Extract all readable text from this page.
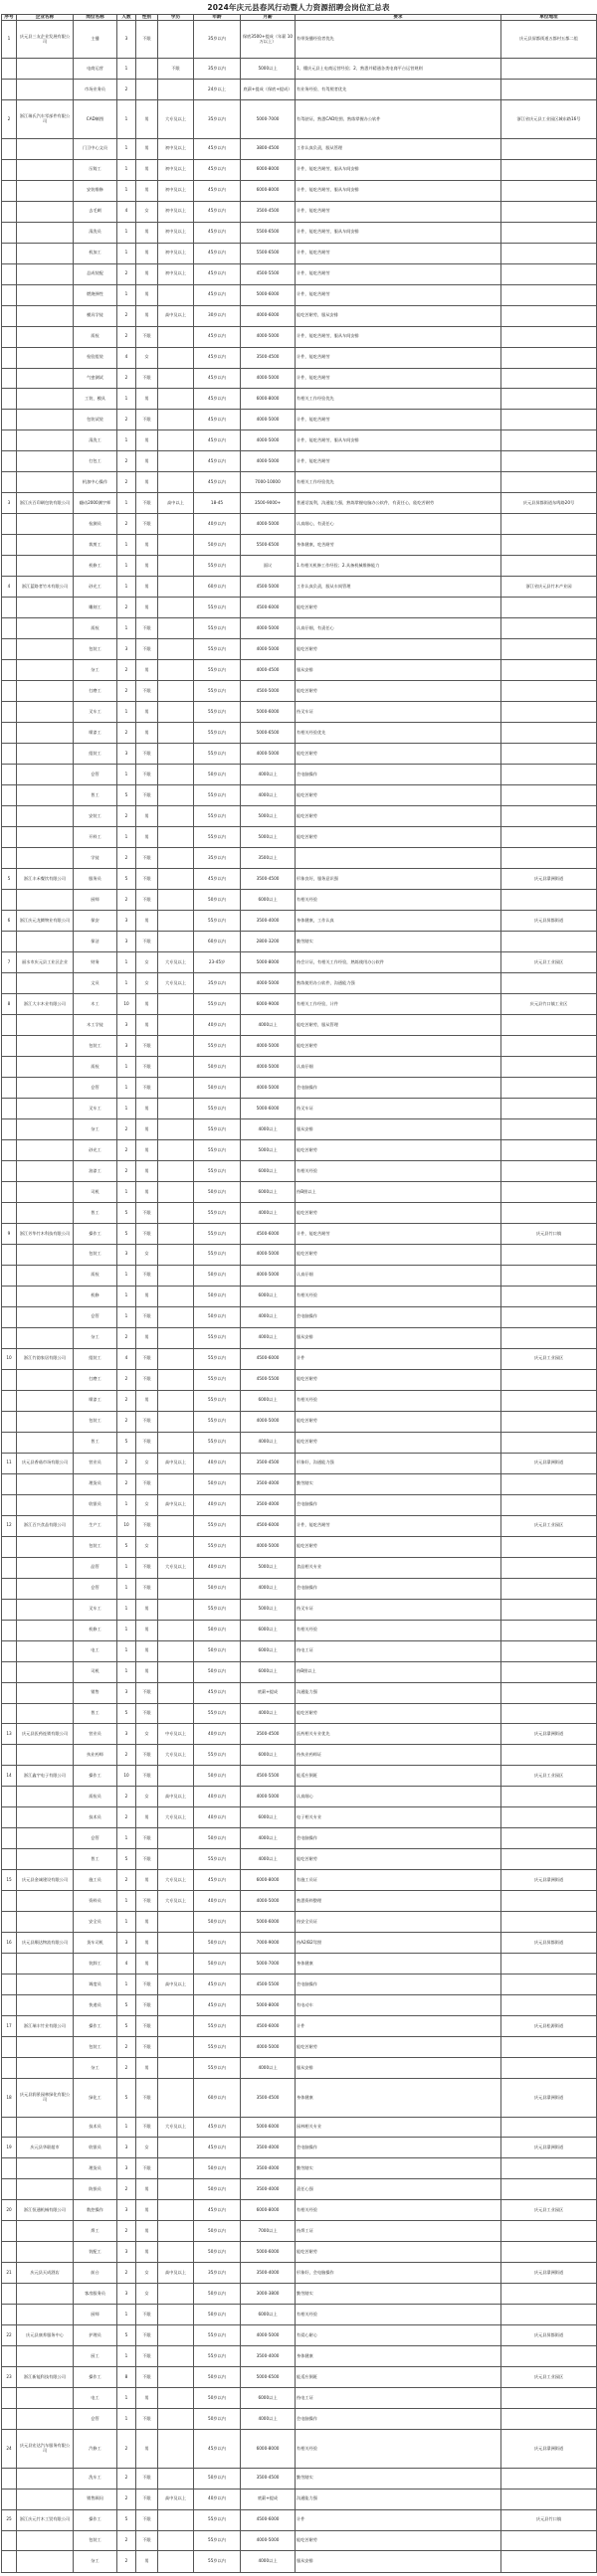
2024年庆元县春风行动暨人力资源招聘会岗位汇总表
序号	企业名称	岗位名称	人数	性别	学历	年龄	月薪	要求	单位地址
1	庆元县三友企业发展有限公司	主播	3	不限		35岁以内	保底3500+提成（年薪 10万以上）	有带货播经验者优先	庆元县屏都街道五都村五都二组
		电商运营	1		不限	35岁以内	5000以上	1、懂庆元县土电商运营经验；2、熟悉并精通各类电商平台运营规则	
		市场业务员	2			24岁以上	底薪+提成（保底+提成）	有业务经验、有驾照者优先	
2	浙江瑞氏汽车零部件有限公司	CAD制图	1	男	大专及以上	35岁以内	5000-7000	有驾驶证，熟悉CAD绘图、熟练掌握办公软件	浙江省庆元县工业园区城东路16号
		门卫中心文员	1	男	初中及以上	45岁以内	3800-4500	工作认真负责，服从管理	
		压铸工	1	男	初中及以上	45岁以内	6000-8000	计件，能吃苦耐劳，服从车间安排	
		安装维修	1	男	初中及以上	45岁以内	6000-8000	计件，能吃苦耐劳，服从车间安排	
		去毛刺	4	女	初中及以上	45岁以内	3500-4500	计件，能吃苦耐劳	
		清洗员	1	男	初中及以上	45岁以内	5500-6500	计件，能吃苦耐劳，服从车间安排	
		机加工	1	男	初中及以上	45岁以内	5500-6500	计件，能吃苦耐劳	
		总成装配	2	男	初中及以上	45岁以内	4500-5500	计件，能吃苦耐劳	
		燃烧弹性	1	男		45岁以内	5000-6000	计件，能吃苦耐劳	
		模具学徒	2	男	高中及以上	30岁以内	4000-6000	能吃苦耐劳，服从安排	
		质检	2	不限		45岁以内	4000-5000	计件，能吃苦耐劳，服从车间安排	
		检验组装	4	女		45岁以内	3500-4500	计件，能吃苦耐劳	
		气密测试	2	不限		45岁以内	4000-5000	计件，能吃苦耐劳	
		工装、模具	1	男		45岁以内	6000-8000	有相关工作经验优先	
		包装试装	2	不限		45岁以内	4000-5000	计件，能吃苦耐劳	
		清洗工	1	男		45岁以内	4000-5000	计件，能吃苦耐劳，服从车间安排	
		打包工	2	男		45岁以内	4000-5000	计件，能吃苦耐劳	
		机加中心操作	2	男		45岁以内	7000-10000	有相关工作经验优先	
3	浙江庆百印刷包装有限公司	翻动2000测字师	1	不限	高中以上	18-45	3500-9000+	普通话流利，沟通能力强，熟练掌握电脑办公软件，有责任心，能吃苦耐劳	庆元县屏都街道东鸣路20号
		检测员	2	不限		40岁以内	4000-5000	认真细心，有责任心	
		裁剪工	1	男		50岁以内	5500-6500	身体健康，吃苦耐劳	
		机修工	1	男		55岁以内	面议	1.有相关机修工作经验；2.具备机械维修能力	
4	浙江蓝路者竹木有限公司	砂光工	1	男		60岁以内	4500-5000	工作认真负责，服从车间管理	浙江省庆元县竹木产业园
		雕刻工	2	男		55岁以内	4500-6000	能吃苦耐劳	
		质检	1	不限		55岁以内	4000-5000	认真仔细，有责任心	
		包装工	3	不限		55岁以内	4000-5000	能吃苦耐劳	
		杂工	2	男		55岁以内	4000-4500	服从安排	
		打磨工	2	不限		55岁以内	4500-5000	能吃苦耐劳	
		叉车工	1	男		55岁以内	5000-6000	持叉车证	
		喷漆工	2	男		55岁以内	5000-6500	有相关经验优先	
		组装工	3	不限		55岁以内	4000-5000	能吃苦耐劳	
		仓管	1	不限		50岁以内	4000以上	会电脑操作	
		普工	5	不限		55岁以内	4000以上	能吃苦耐劳	
		安装工	2	男		55岁以内	5000以上	能吃苦耐劳	
		开料工	1	男		55岁以内	5000以上	能吃苦耐劳	
		学徒	2	不限		35岁以内	3500以上		
5	浙江丰禾餐饮有限公司	服务员	5	不限		45岁以内	3500-4500	形象良好，服务意识强	庆元县濛洲街道
		厨师	2	不限		50岁以内	6000以上	有相关经验	
6	浙江庆元龙腾物业有限公司	保安	3	男		55岁以内	3500-4000	身体健康，工作认真	庆元县屏都街道
		保洁	3	不限		60岁以内	2800-3200	勤劳踏实	
7	丽水市庆元县工业区企业	财务	1	女	大专及以上	23-45岁	5000-8000	持会计证，有相关工作经验，熟练使用办公软件	庆元县工业园区
		文员	1	女	大专及以上	35岁以内	4000-5000	熟练使用办公软件，沟通能力强	
8	浙江大丰木业有限公司	木工	10	男		55岁以内	6000-9000	有相关工作经验，计件	庆元县竹口镇工业区
		木工学徒	3	男		40岁以内	4000以上	能吃苦耐劳，服从管理	
		包装工	3	不限		55岁以内	4000-5000	能吃苦耐劳	
		质检	1	不限		50岁以内	4000-5000	认真仔细	
		仓管	1	不限		50岁以内	4000-5000	会电脑操作	
		叉车工	1	男		55岁以内	5000-6000	持叉车证	
		杂工	2	男		55岁以内	4000以上	服从安排	
		砂光工	2	男		55岁以内	5000以上	能吃苦耐劳	
		油漆工	2	男		55岁以内	6000以上	有相关经验	
		司机	1	男		50岁以内	6000以上	持B照以上	
		普工	5	不限		55岁以内	4000以上	能吃苦耐劳	
9	浙江芳华竹木科技有限公司	操作工	5	不限		55岁以内	4500-6000	计件，能吃苦耐劳	庆元县竹口镇
		包装工	3	女		55岁以内	4000-5000	能吃苦耐劳	
		质检	1	不限		50岁以内	4000-5000	认真仔细	
		机修	1	男		50岁以内	6000以上	有相关经验	
		仓管	1	不限		50岁以内	4000以上	会电脑操作	
		杂工	2	男		55岁以内	4000以上	服从安排	
10	浙江竹韵家居有限公司	组装工	4	不限		55岁以内	4500-6000	计件	庆元县工业园区
		打磨工	2	不限		55岁以内	4500-5500	能吃苦耐劳	
		喷漆工	2	男		55岁以内	6000以上	有相关经验	
		包装工	2	不限		55岁以内	4000-5000	能吃苦耐劳	
		普工	5	不限		55岁以内	4000以上	能吃苦耐劳	
11	庆元县香菇市场有限公司	营业员	2	女	高中及以上	40岁以内	3500-4500	形象好，沟通能力强	庆元县濛洲街道
		理货员	2	不限		50岁以内	3500-4000	勤劳踏实	
		收银员	1	女	高中及以上	40岁以内	3500-4000	会电脑操作	
12	浙江百兴食品有限公司	生产工	10	不限		55岁以内	4500-6000	计件，能吃苦耐劳	庆元县工业园区
		包装工	5	女		55岁以内	4000-5000	能吃苦耐劳	
		品管	1	不限	大专及以上	40岁以内	5000以上	食品相关专业	
		仓管	1	不限		50岁以内	4000以上	会电脑操作	
		叉车工	1	男		55岁以内	5000以上	持叉车证	
		机修工	1	男		50岁以内	6000以上	有相关经验	
		电工	1	男		50岁以内	6000以上	持电工证	
		司机	1	男		50岁以内	6000以上	持B照以上	
		销售	3	不限		45岁以内	底薪+提成	沟通能力强	
		普工	5	不限		55岁以内	4000以上	能吃苦耐劳	
13	庆元县医药连锁有限公司	营业员	3	女	中专及以上	40岁以内	3500-4500	医药相关专业优先	庆元县濛洲街道
		执业药师	2	不限	大专及以上	55岁以内	6000以上	持执业药师证	
14	浙江鑫宇电子有限公司	操作工	10	不限		50岁以内	4500-5500	能适应倒班	庆元县工业园区
		质检员	2	女	高中及以上	40岁以内	4000-5000	认真细心	
		技术员	2	男	大专及以上	40岁以内	6000以上	电子相关专业	
		仓管	1	不限		50岁以内	4000以上	会电脑操作	
		普工	5	不限		55岁以内	4000以上	能吃苦耐劳	
15	庆元县金诚建设有限公司	施工员	2	男	大专及以上	45岁以内	6000-8000	有施工员证	庆元县濛洲街道
		资料员	1	不限	大专及以上	40岁以内	4000-5000	熟悉资料整理	
		安全员	1	男		50岁以内	5000-6000	持安全员证	
16	庆元县顺达物流有限公司	货车司机	3	男		50岁以内	7000-9000	持A2/B2驾照	庆元县屏都街道
		装卸工	4	男		50岁以内	5000-7000	身体健康	
		调度员	1	不限	高中及以上	45岁以内	4500-5500	会电脑操作	
		快递员	5	不限		45岁以内	5000-8000	有电动车	
17	浙江瑞丰竹业有限公司	操作工	5	不限		55岁以内	4500-6000	计件	庆元县松源街道
		包装工	2	不限		55岁以内	4000-5000	能吃苦耐劳	
		杂工	2	男		55岁以内	4000以上	服从安排	
18	庆元县润景园林绿化有限公司	绿化工	5	不限		60岁以内	3500-4500	身体健康	庆元县濛洲街道
		技术员	1	不限	大专及以上	45岁以内	5000-6000	园林相关专业	
19	庆元县华联超市	收银员	3	女		45岁以内	3500-4000	会电脑操作	庆元县濛洲街道
		理货员	3	不限		50岁以内	3500-4000	勤劳踏实	
		防损员	2	男		50岁以内	3500-4000	责任心强	
20	浙江恒通机械有限公司	数控操作	3	男		45岁以内	6000-8000	有相关经验	庆元县工业园区
		焊工	2	男		50岁以内	7000以上	持焊工证	
		装配工	3	男		50岁以内	5000-6000	能吃苦耐劳	
21	庆元县天成酒店	前台	2	女	高中及以上	35岁以内	3500-4000	形象好，会电脑操作	庆元县濛洲街道
		客房服务员	3	女		50岁以内	3000-3800	勤劳踏实	
		厨师	1	不限		50岁以内	6000以上	有相关经验	
22	庆元县康养服务中心	护理员	5	不限		55岁以内	4000-5000	有爱心耐心	庆元县屏都街道
		厨工	1	不限		55岁以内	3500-4000	身体健康	
23	浙江新能科技有限公司	操作工	8	不限		50岁以内	5000-6500	能适应倒班	庆元县工业园区
		电工	1	男		50岁以内	6000以上	持电工证	
		仓管	1	不限		50岁以内	4000以上	会电脑操作	
24	庆元县宏达汽车服务有限公司	汽修工	2	男		45岁以内	6000-8000	有相关经验	庆元县濛洲街道
		洗车工	2	不限		50岁以内	3500-4500	勤劳踏实	
		销售顾问	2	不限	高中及以上	40岁以内	底薪+提成	沟通能力强	
25	浙江庆元竹木工贸有限公司	操作工	5	不限		55岁以内	4500-6000	计件	庆元县竹口镇
		包装工	2	不限		55岁以内	4000-5000	能吃苦耐劳	
		杂工	2	男		55岁以内	4000以上	服从安排	
